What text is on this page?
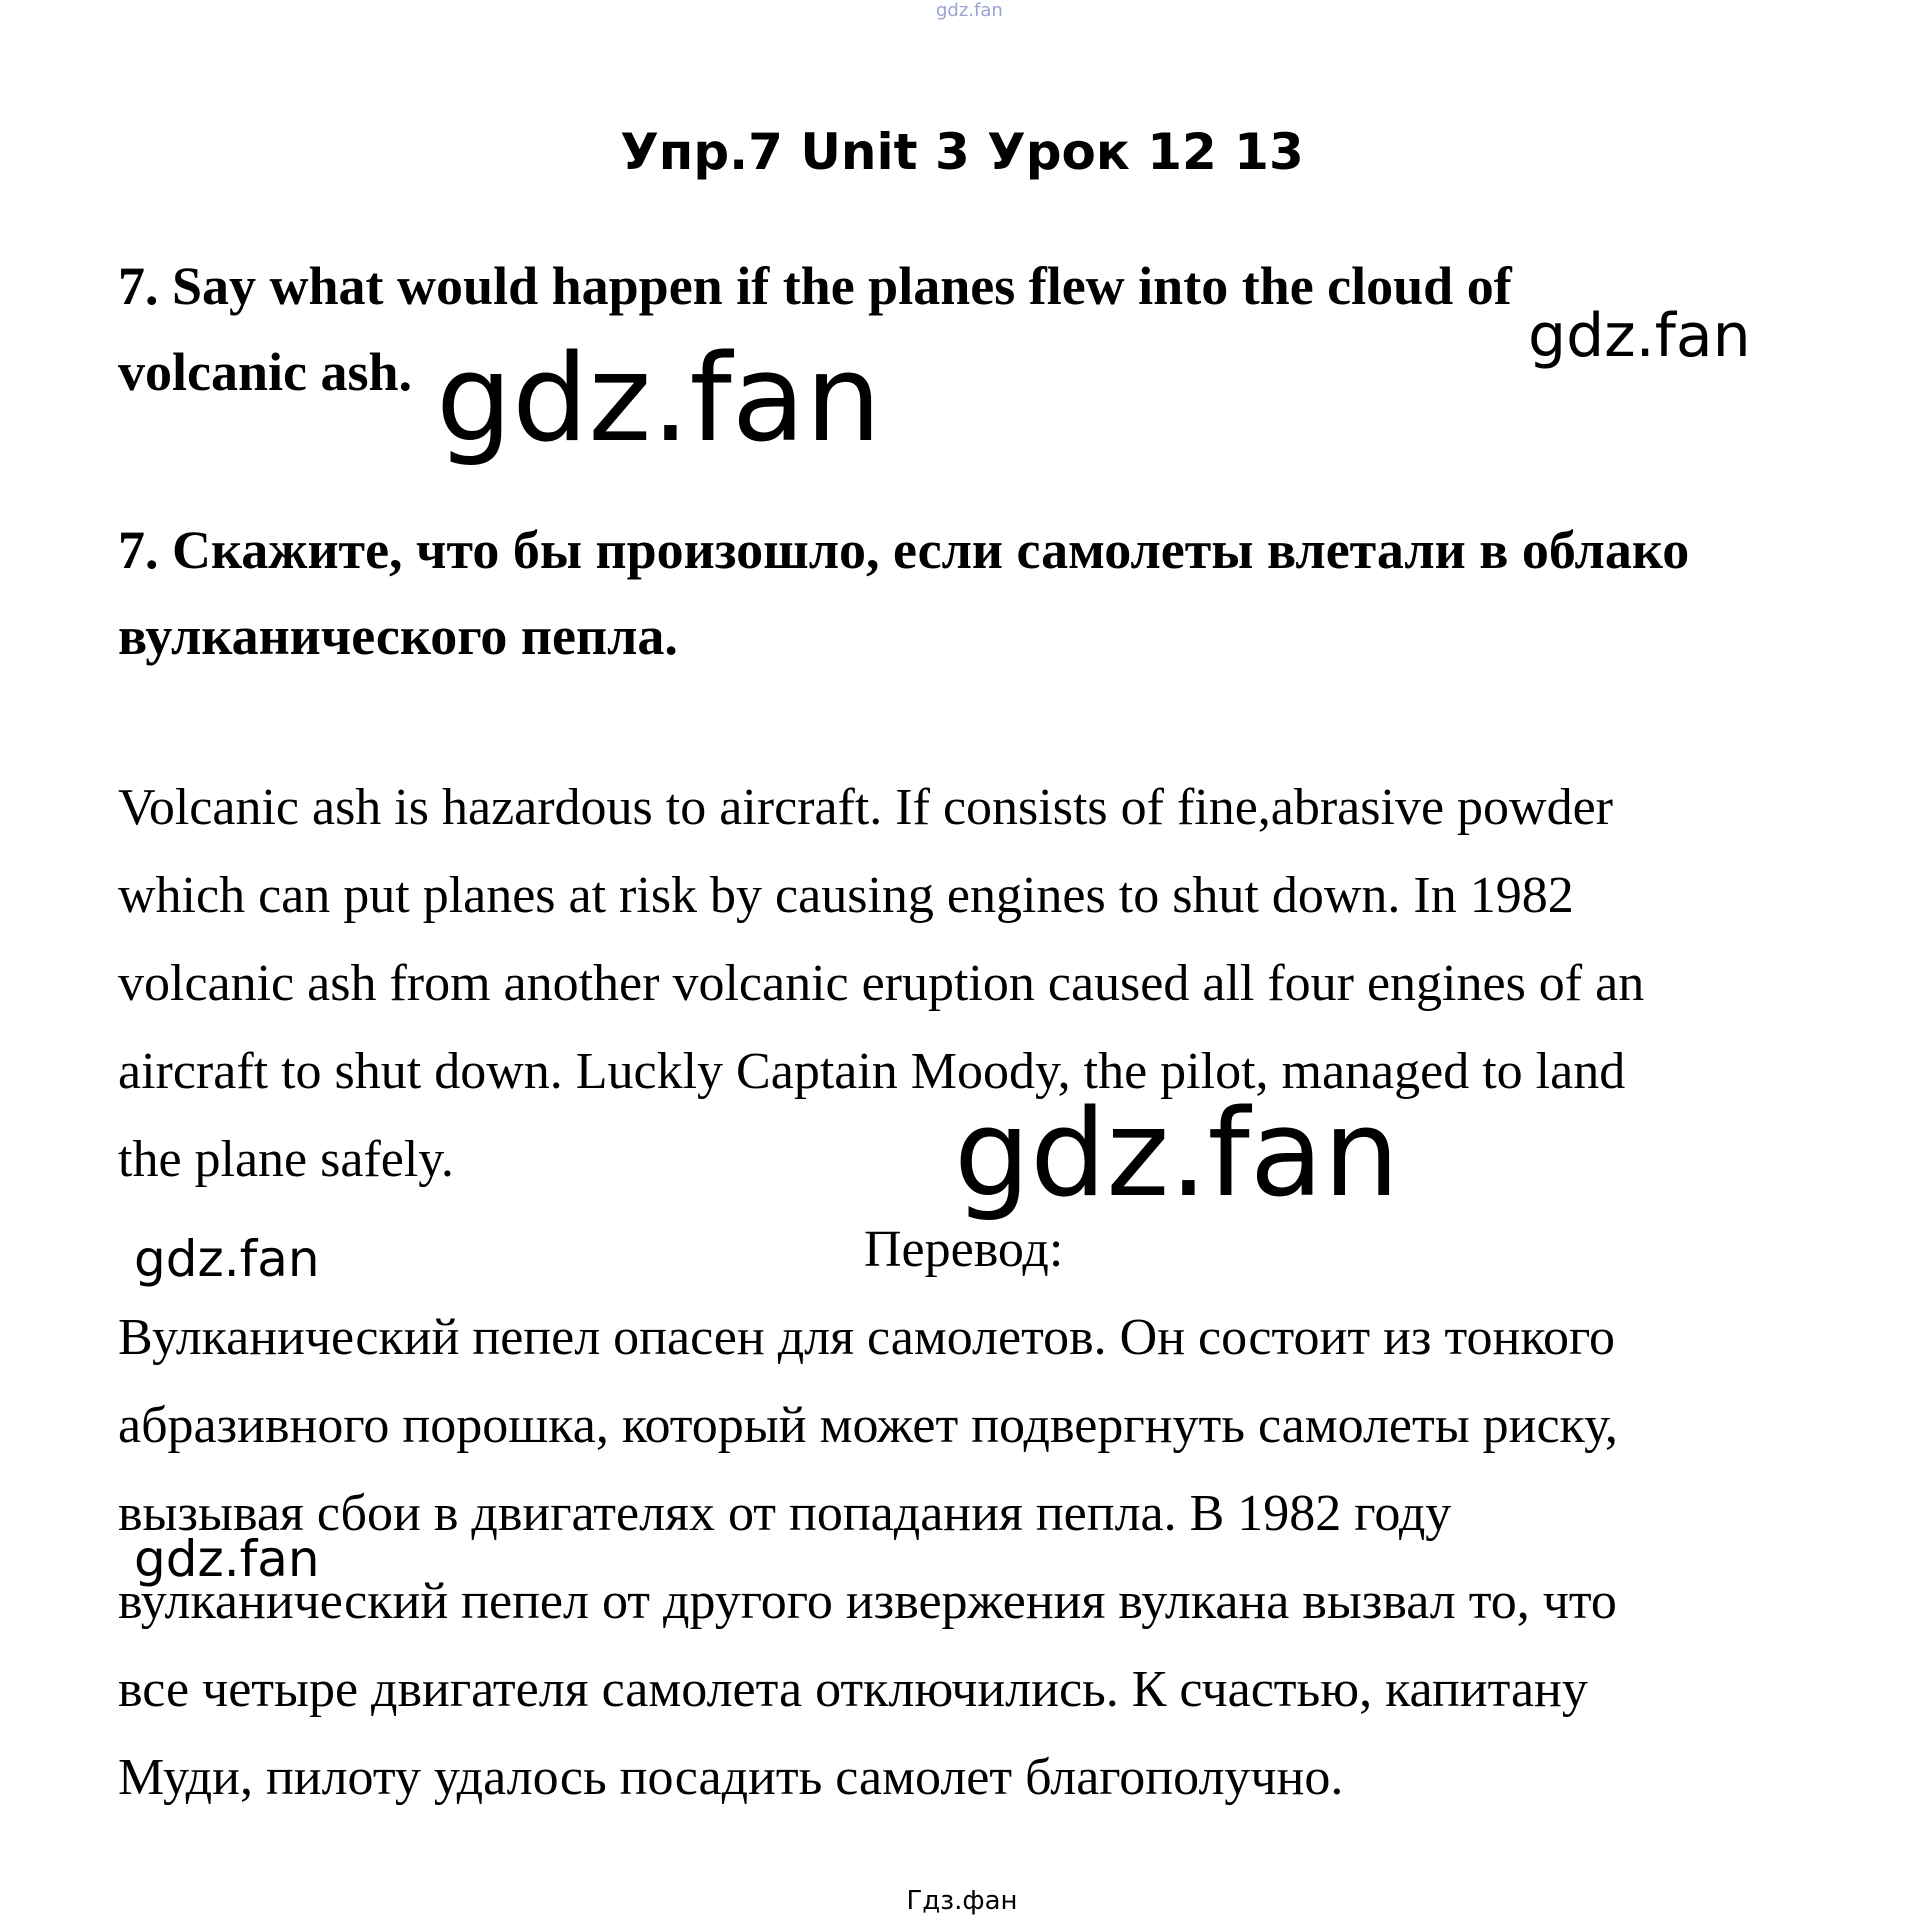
gdz.fan
Упр.7 Unit 3 Урок 12 13
7. Say what would happen if the planes flew into the cloud of
volcanic ash.
7. Скажите, что бы произошло, если самолеты влетали в облако
вулканического пепла.
Volcanic ash is hazardous to aircraft. If consists of fine,abrasive powder
which can put planes at risk by causing engines to shut down. In 1982
volcanic ash from another volcanic eruption caused all four engines of an
aircraft to shut down. Luckly Captain Moody, the pilot, managed to land
the plane safely.
Перевод:
Вулканический пепел опасен для самолетов. Он состоит из тонкого
абразивного порошка, который может подвергнуть самолеты риску,
вызывая сбои в двигателях от попадания пепла. В 1982 году
вулканический пепел от другого извержения вулкана вызвал то, что
все четыре двигателя самолета отключились. К счастью, капитану
Муди, пилоту удалось посадить самолет благополучно.
gdz.fan
gdz.fan
gdz.fan
gdz.fan
gdz.fan
Гдз.фан
